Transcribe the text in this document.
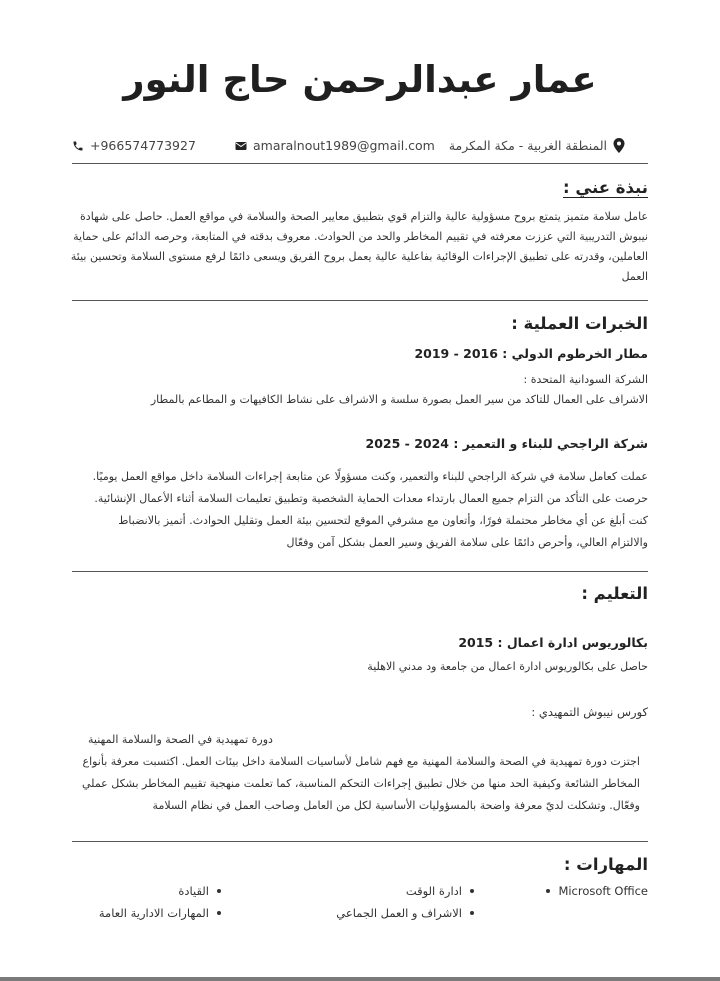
عمار عبدالرحمن حاج النور
+966574773927	amaralnout1989@gmail.com المنطقة الغربية - مكة المكرمة
نبذة عني :
عامل سلامة متميز يتمتع بروح مسؤولية عالية والتزام قوي بتطبيق معايير الصحة والسلامة في مواقع العمل. حاصل على شهادة نيبوش التدريبية التي عززت معرفته في تقييم المخاطر والحد من الحوادث. معروف بدقته في المتابعة، وحرصه الدائم على حماية العاملين، وقدرته على تطبيق الإجراءات الوقائية بفاعلية عالية يعمل بروح الفريق ويسعى دائمًا لرفع مستوى السلامة وتحسين بيئة العمل
الخبرات العملية :
مطار الخرطوم الدولي : 2016 - 2019
الشركة السودانية المتحدة :
الاشراف على العمال للتاكد من سير العمل بصورة سلسة و الاشراف على نشاط الكافيهات و المطاعم بالمطار
شركة الراجحي للبناء و التعمير : 2024 - 2025
عملت كعامل سلامة في شركة الراجحي للبناء والتعمير، وكنت مسؤولًا عن متابعة إجراءات السلامة داخل مواقع العمل يوميًا. حرصت على التأكد من التزام جميع العمال بارتداء معدات الحماية الشخصية وتطبيق تعليمات السلامة أثناء الأعمال الإنشائية. كنت أبلغ عن أي مخاطر محتملة فورًا، وأتعاون مع مشرفي الموقع لتحسين بيئة العمل وتقليل الحوادث. أتميز بالانضباط والالتزام العالي، وأحرص دائمًا على سلامة الفريق وسير العمل بشكل آمن وفعّال
التعليم :
بكالوريوس ادارة اعمال : 2015
حاصل على بكالوريوس ادارة اعمال من جامعة ود مدني الاهلية
كورس نيبوش التمهيدي :
دورة تمهيدية في الصحة والسلامة المهنية
اجتزت دورة تمهيدية في الصحة والسلامة المهنية مع فهم شامل لأساسيات السلامة داخل بيئات العمل. اكتسبت معرفة بأنواع المخاطر الشائعة وكيفية الحد منها من خلال تطبيق إجراءات التحكم المناسبة، كما تعلمت منهجية تقييم المخاطر بشكل عملي وفعّال. وتشكلت لديّ معرفة واضحة بالمسؤوليات الأساسية لكل من العامل وصاحب العمل في نظام السلامة
المهارات :
Microsoft Office
ادارة الوقت
القيادة
الاشراف و العمل الجماعي
المهارات الادارية العامة
